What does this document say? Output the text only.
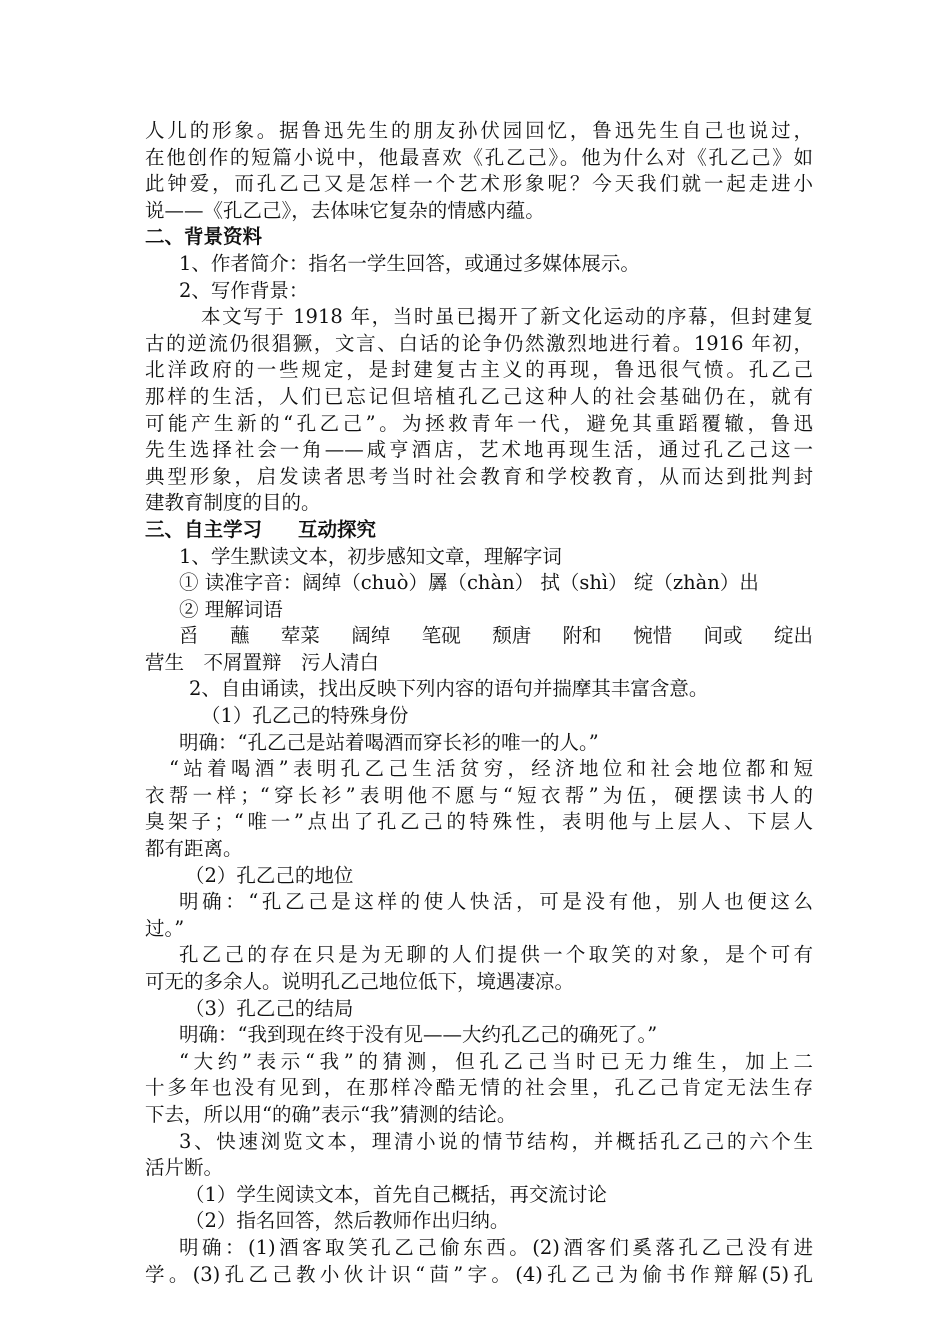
人儿的形象。据鲁迅先生的朋友孙伏园回忆，鲁迅先生自己也说过，
在他创作的短篇小说中，他最喜欢《孔乙己》。他为什么对《孔乙己》如
此钟爱，而孔乙己又是怎样一个艺术形象呢？今天我们就一起走进小
说——《孔乙己》，去体味它复杂的情感内蕴。
二、背景资料
1、作者简介：指名一学生回答，或通过多媒体展示。
2、写作背景：
本文写于 1918 年，当时虽已揭开了新文化运动的序幕，但封建复
古的逆流仍很猖獗，文言、白话的论争仍然激烈地进行着。1916 年初，
北洋政府的一些规定，是封建复古主义的再现，鲁迅很气愤。孔乙己
那样的生活，人们已忘记但培植孔乙己这种人的社会基础仍在，就有
可能产生新的“孔乙己”。为拯救青年一代，避免其重蹈覆辙，鲁迅
先生选择社会一角——咸亨酒店，艺术地再现生活，通过孔乙己这一
典型形象，启发读者思考当时社会教育和学校教育，从而达到批判封
建教育制度的目的。
三、自主学习 互动探究
1、学生默读文本，初步感知文章，理解字词
① 读准字音：阔绰（chuò）羼（chàn） 拭（shì） 绽（zhàn）出
② 理解词语
舀 蘸 荤菜 阔绰 笔砚 颓唐 附和 惋惜 间或 绽出
营生　不屑置辩　污人清白
2、自由诵读，找出反映下列内容的语句并揣摩其丰富含意。
（1）孔乙己的特殊身份
明确：“孔乙己是站着喝酒而穿长衫的唯一的人。”
“站着喝酒”表明孔乙己生活贫穷，经济地位和社会地位都和短
衣帮一样；“穿长衫”表明他不愿与“短衣帮”为伍，硬摆读书人的
臭架子；“唯一”点出了孔乙己的特殊性，表明他与上层人、下层人
都有距离。
（2）孔乙己的地位
明确：“孔乙己是这样的使人快活，可是没有他，别人也便这么
过。”
孔乙己的存在只是为无聊的人们提供一个取笑的对象，是个可有
可无的多余人。说明孔乙己地位低下，境遇凄凉。
（3）孔乙己的结局
明确：“我到现在终于没有见——大约孔乙己的确死了。”
“大约”表示“我”的猜测，但孔乙己当时已无力维生，加上二
十多年也没有见到，在那样冷酷无情的社会里，孔乙己肯定无法生存
下去，所以用“的确”表示“我”猜测的结论。
3、快速浏览文本，理清小说的情节结构，并概括孔乙己的六个生
活片断。
（1）学生阅读文本，首先自己概括，再交流讨论
（2）指名回答，然后教师作出归纳。
明确：(1)酒客取笑孔乙己偷东西。(2)酒客们奚落孔乙己没有进
学。(3)孔乙己教小伙计识“茴”字。(4)孔乙己为偷书作辩解(5)孔
